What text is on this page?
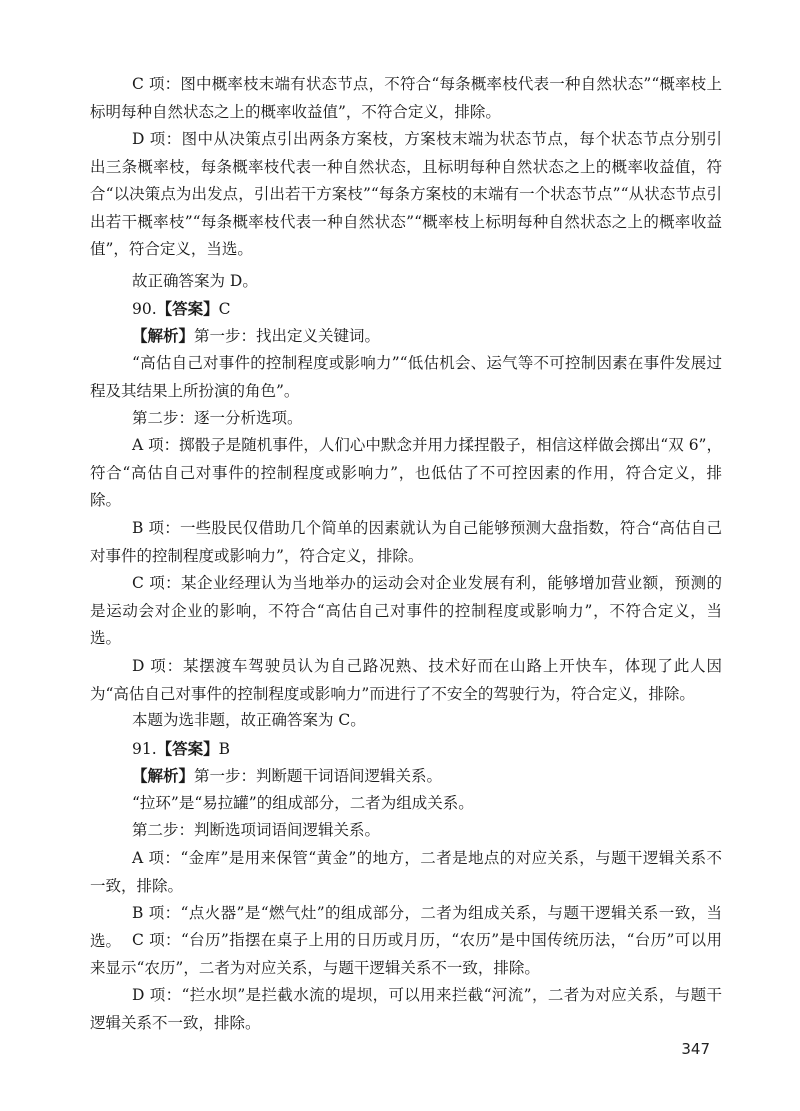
C 项：图中概率枝末端有状态节点，不符合“每条概率枝代表一种自然状态”“概率枝上标明每种自然状态之上的概率收益值”，不符合定义，排除。

D 项：图中从决策点引出两条方案枝，方案枝末端为状态节点，每个状态节点分别引出三条概率枝，每条概率枝代表一种自然状态，且标明每种自然状态之上的概率收益值，符合“以决策点为出发点，引出若干方案枝”“每条方案枝的末端有一个状态节点”“从状态节点引出若干概率枝”“每条概率枝代表一种自然状态”“概率枝上标明每种自然状态之上的概率收益值”，符合定义，当选。

故正确答案为 D。

90.【答案】C

【解析】第一步：找出定义关键词。

“高估自己对事件的控制程度或影响力”“低估机会、运气等不可控制因素在事件发展过程及其结果上所扮演的角色”。

第二步：逐一分析选项。

A 项：掷骰子是随机事件，人们心中默念并用力揉捏骰子，相信这样做会掷出“双 6”，符合“高估自己对事件的控制程度或影响力”，也低估了不可控因素的作用，符合定义，排除。

B 项：一些股民仅借助几个简单的因素就认为自己能够预测大盘指数，符合“高估自己对事件的控制程度或影响力”，符合定义，排除。

C 项：某企业经理认为当地举办的运动会对企业发展有利，能够增加营业额，预测的是运动会对企业的影响，不符合“高估自己对事件的控制程度或影响力”，不符合定义，当选。

D 项：某摆渡车驾驶员认为自己路况熟、技术好而在山路上开快车，体现了此人因为“高估自己对事件的控制程度或影响力”而进行了不安全的驾驶行为，符合定义，排除。

本题为选非题，故正确答案为 C。

91.【答案】B

【解析】第一步：判断题干词语间逻辑关系。

“拉环”是“易拉罐”的组成部分，二者为组成关系。

第二步：判断选项词语间逻辑关系。

A 项：“金库”是用来保管“黄金”的地方，二者是地点的对应关系，与题干逻辑关系不一致，排除。

B 项：“点火器”是“燃气灶”的组成部分，二者为组成关系，与题干逻辑关系一致，当选。 C 项：“台历”指摆在桌子上用的日历或月历，“农历”是中国传统历法，“台历”可以用来显示“农历”，二者为对应关系，与题干逻辑关系不一致，排除。

D 项：“拦水坝”是拦截水流的堤坝，可以用来拦截“河流”，二者为对应关系，与题干逻辑关系不一致，排除。

347
